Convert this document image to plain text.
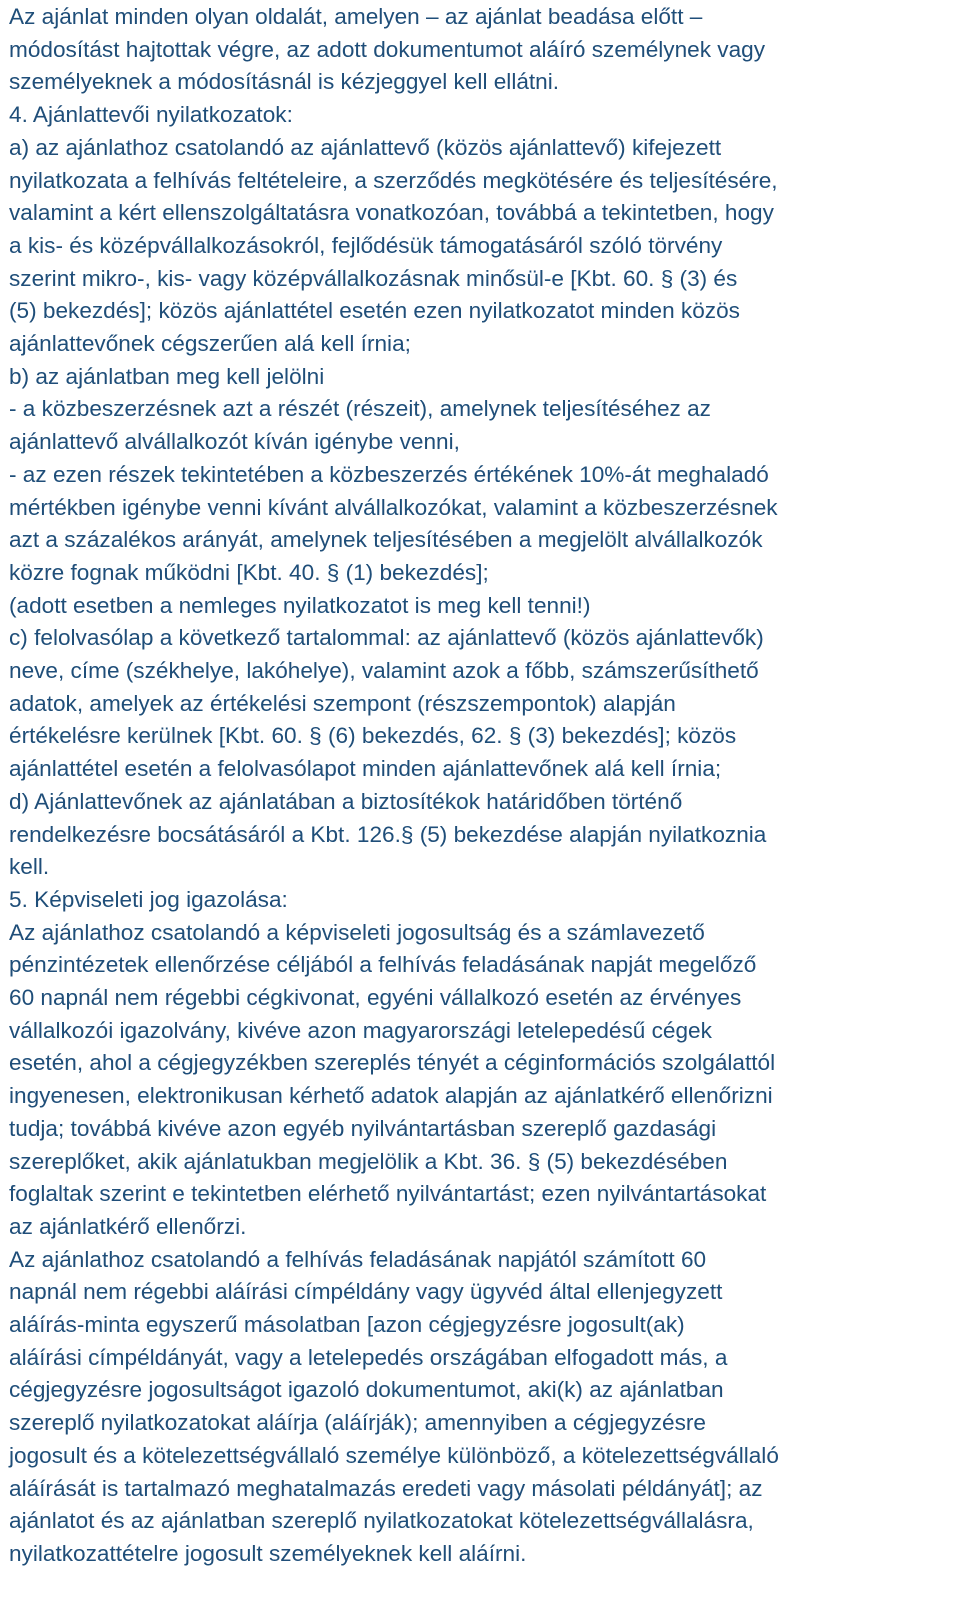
Az ajánlat minden olyan oldalát, amelyen – az ajánlat beadása előtt –
módosítást hajtottak végre, az adott dokumentumot aláíró személynek vagy
személyeknek a módosításnál is kézjeggyel kell ellátni.
4. Ajánlattevői nyilatkozatok:
a) az ajánlathoz csatolandó az ajánlattevő (közös ajánlattevő) kifejezett
nyilatkozata a felhívás feltételeire, a szerződés megkötésére és teljesítésére,
valamint a kért ellenszolgáltatásra vonatkozóan, továbbá a tekintetben, hogy
a kis- és középvállalkozásokról, fejlődésük támogatásáról szóló törvény
szerint mikro-, kis- vagy középvállalkozásnak minősül-e [Kbt. 60. § (3) és
(5) bekezdés]; közös ajánlattétel esetén ezen nyilatkozatot minden közös
ajánlattevőnek cégszerűen alá kell írnia;
b) az ajánlatban meg kell jelölni
- a közbeszerzésnek azt a részét (részeit), amelynek teljesítéséhez az
ajánlattevő alvállalkozót kíván igénybe venni,
- az ezen részek tekintetében a közbeszerzés értékének 10%-át meghaladó
mértékben igénybe venni kívánt alvállalkozókat, valamint a közbeszerzésnek
azt a százalékos arányát, amelynek teljesítésében a megjelölt alvállalkozók
közre fognak működni [Kbt. 40. § (1) bekezdés];
(adott esetben a nemleges nyilatkozatot is meg kell tenni!)
c) felolvasólap a következő tartalommal: az ajánlattevő (közös ajánlattevők)
neve, címe (székhelye, lakóhelye), valamint azok a főbb, számszerűsíthető
adatok, amelyek az értékelési szempont (részszempontok) alapján
értékelésre kerülnek [Kbt. 60. § (6) bekezdés, 62. § (3) bekezdés]; közös
ajánlattétel esetén a felolvasólapot minden ajánlattevőnek alá kell írnia;
d) Ajánlattevőnek az ajánlatában a biztosítékok határidőben történő
rendelkezésre bocsátásáról a Kbt. 126.§ (5) bekezdése alapján nyilatkoznia
kell.
5. Képviseleti jog igazolása:
Az ajánlathoz csatolandó a képviseleti jogosultság és a számlavezető
pénzintézetek ellenőrzése céljából a felhívás feladásának napját megelőző
60 napnál nem régebbi cégkivonat, egyéni vállalkozó esetén az érvényes
vállalkozói igazolvány, kivéve azon magyarországi letelepedésű cégek
esetén, ahol a cégjegyzékben szereplés tényét a céginformációs szolgálattól
ingyenesen, elektronikusan kérhető adatok alapján az ajánlatkérő ellenőrizni
tudja; továbbá kivéve azon egyéb nyilvántartásban szereplő gazdasági
szereplőket, akik ajánlatukban megjelölik a Kbt. 36. § (5) bekezdésében
foglaltak szerint e tekintetben elérhető nyilvántartást; ezen nyilvántartásokat
az ajánlatkérő ellenőrzi.
Az ajánlathoz csatolandó a felhívás feladásának napjától számított 60
napnál nem régebbi aláírási címpéldány vagy ügyvéd által ellenjegyzett
aláírás-minta egyszerű másolatban [azon cégjegyzésre jogosult(ak)
aláírási címpéldányát, vagy a letelepedés országában elfogadott más, a
cégjegyzésre jogosultságot igazoló dokumentumot, aki(k) az ajánlatban
szereplő nyilatkozatokat aláírja (aláírják); amennyiben a cégjegyzésre
jogosult és a kötelezettségvállaló személye különböző, a kötelezettségvállaló
aláírását is tartalmazó meghatalmazás eredeti vagy másolati példányát]; az
ajánlatot és az ajánlatban szereplő nyilatkozatokat kötelezettségvállalásra,
nyilatkozattételre jogosult személyeknek kell aláírni.
